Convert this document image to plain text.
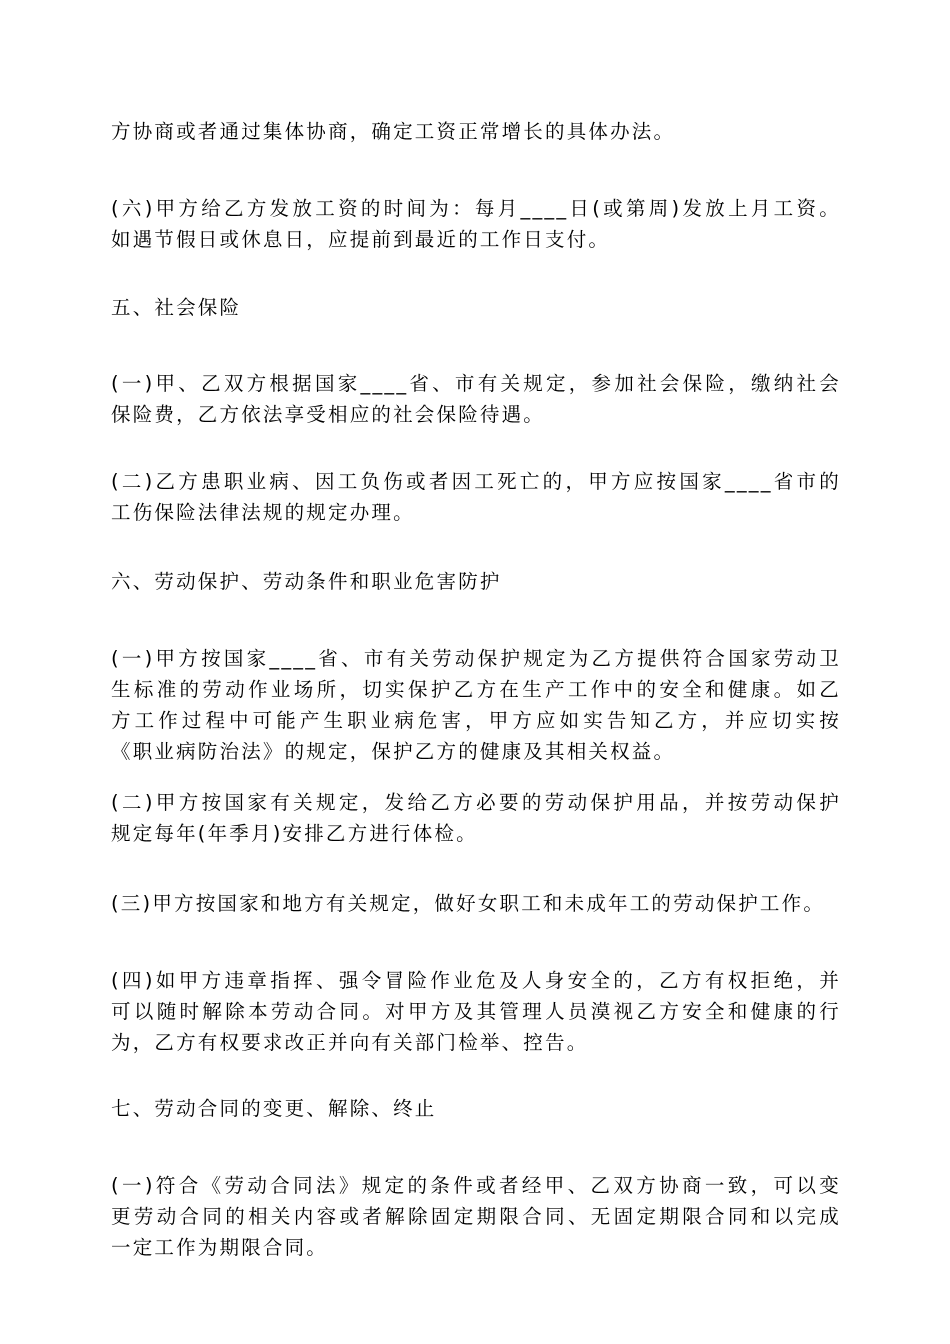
方协商或者通过集体协商，确定工资正常增长的具体办法。
(六)甲方给乙方发放工资的时间为：每月____日(或第周)发放上月工资。
如遇节假日或休息日，应提前到最近的工作日支付。
五、社会保险
(一)甲、乙双方根据国家____省、市有关规定，参加社会保险，缴纳社会
保险费，乙方依法享受相应的社会保险待遇。
(二)乙方患职业病、因工负伤或者因工死亡的，甲方应按国家____省市的
工伤保险法律法规的规定办理。
六、劳动保护、劳动条件和职业危害防护
(一)甲方按国家____省、市有关劳动保护规定为乙方提供符合国家劳动卫
生标准的劳动作业场所，切实保护乙方在生产工作中的安全和健康。如乙
方工作过程中可能产生职业病危害，甲方应如实告知乙方，并应切实按
《职业病防治法》的规定，保护乙方的健康及其相关权益。
(二)甲方按国家有关规定，发给乙方必要的劳动保护用品，并按劳动保护
规定每年(年季月)安排乙方进行体检。
(三)甲方按国家和地方有关规定，做好女职工和未成年工的劳动保护工作。
(四)如甲方违章指挥、强令冒险作业危及人身安全的，乙方有权拒绝，并
可以随时解除本劳动合同。对甲方及其管理人员漠视乙方安全和健康的行
为，乙方有权要求改正并向有关部门检举、控告。
七、劳动合同的变更、解除、终止
(一)符合《劳动合同法》规定的条件或者经甲、乙双方协商一致，可以变
更劳动合同的相关内容或者解除固定期限合同、无固定期限合同和以完成
一定工作为期限合同。
